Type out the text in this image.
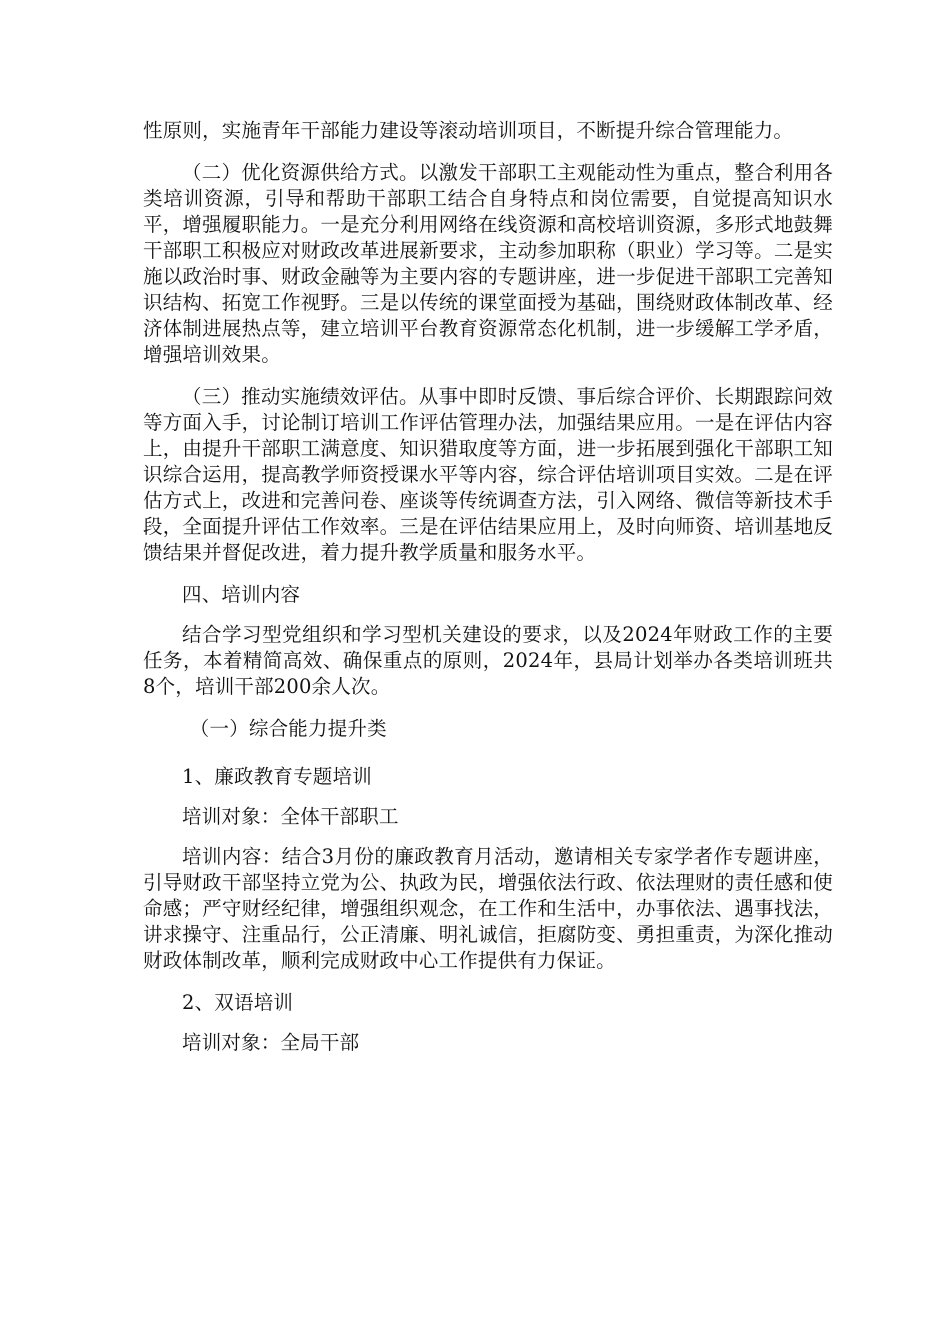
性原则，实施青年干部能力建设等滚动培训项目，不断提升综合管理能力。

（二）优化资源供给方式。以激发干部职工主观能动性为重点，整合利用各类培训资源，引导和帮助干部职工结合自身特点和岗位需要，自觉提高知识水平，增强履职能力。一是充分利用网络在线资源和高校培训资源，多形式地鼓舞干部职工积极应对财政改革进展新要求，主动参加职称（职业）学习等。二是实施以政治时事、财政金融等为主要内容的专题讲座，进一步促进干部职工完善知识结构、拓宽工作视野。三是以传统的课堂面授为基础，围绕财政体制改革、经济体制进展热点等，建立培训平台教育资源常态化机制，进一步缓解工学矛盾，增强培训效果。

（三）推动实施绩效评估。从事中即时反馈、事后综合评价、长期跟踪问效等方面入手，讨论制订培训工作评估管理办法，加强结果应用。一是在评估内容上，由提升干部职工满意度、知识猎取度等方面，进一步拓展到强化干部职工知识综合运用，提高教学师资授课水平等内容，综合评估培训项目实效。二是在评估方式上，改进和完善问卷、座谈等传统调查方法，引入网络、微信等新技术手段，全面提升评估工作效率。三是在评估结果应用上，及时向师资、培训基地反馈结果并督促改进，着力提升教学质量和服务水平。

四、培训内容

结合学习型党组织和学习型机关建设的要求，以及2024年财政工作的主要任务，本着精简高效、确保重点的原则，2024年，县局计划举办各类培训班共8个，培训干部200余人次。

（一）综合能力提升类

1、廉政教育专题培训

培训对象：全体干部职工

培训内容：结合3月份的廉政教育月活动，邀请相关专家学者作专题讲座，引导财政干部坚持立党为公、执政为民，增强依法行政、依法理财的责任感和使命感；严守财经纪律，增强组织观念，在工作和生活中，办事依法、遇事找法，讲求操守、注重品行，公正清廉、明礼诚信，拒腐防变、勇担重责，为深化推动财政体制改革，顺利完成财政中心工作提供有力保证。

2、双语培训

培训对象：全局干部
